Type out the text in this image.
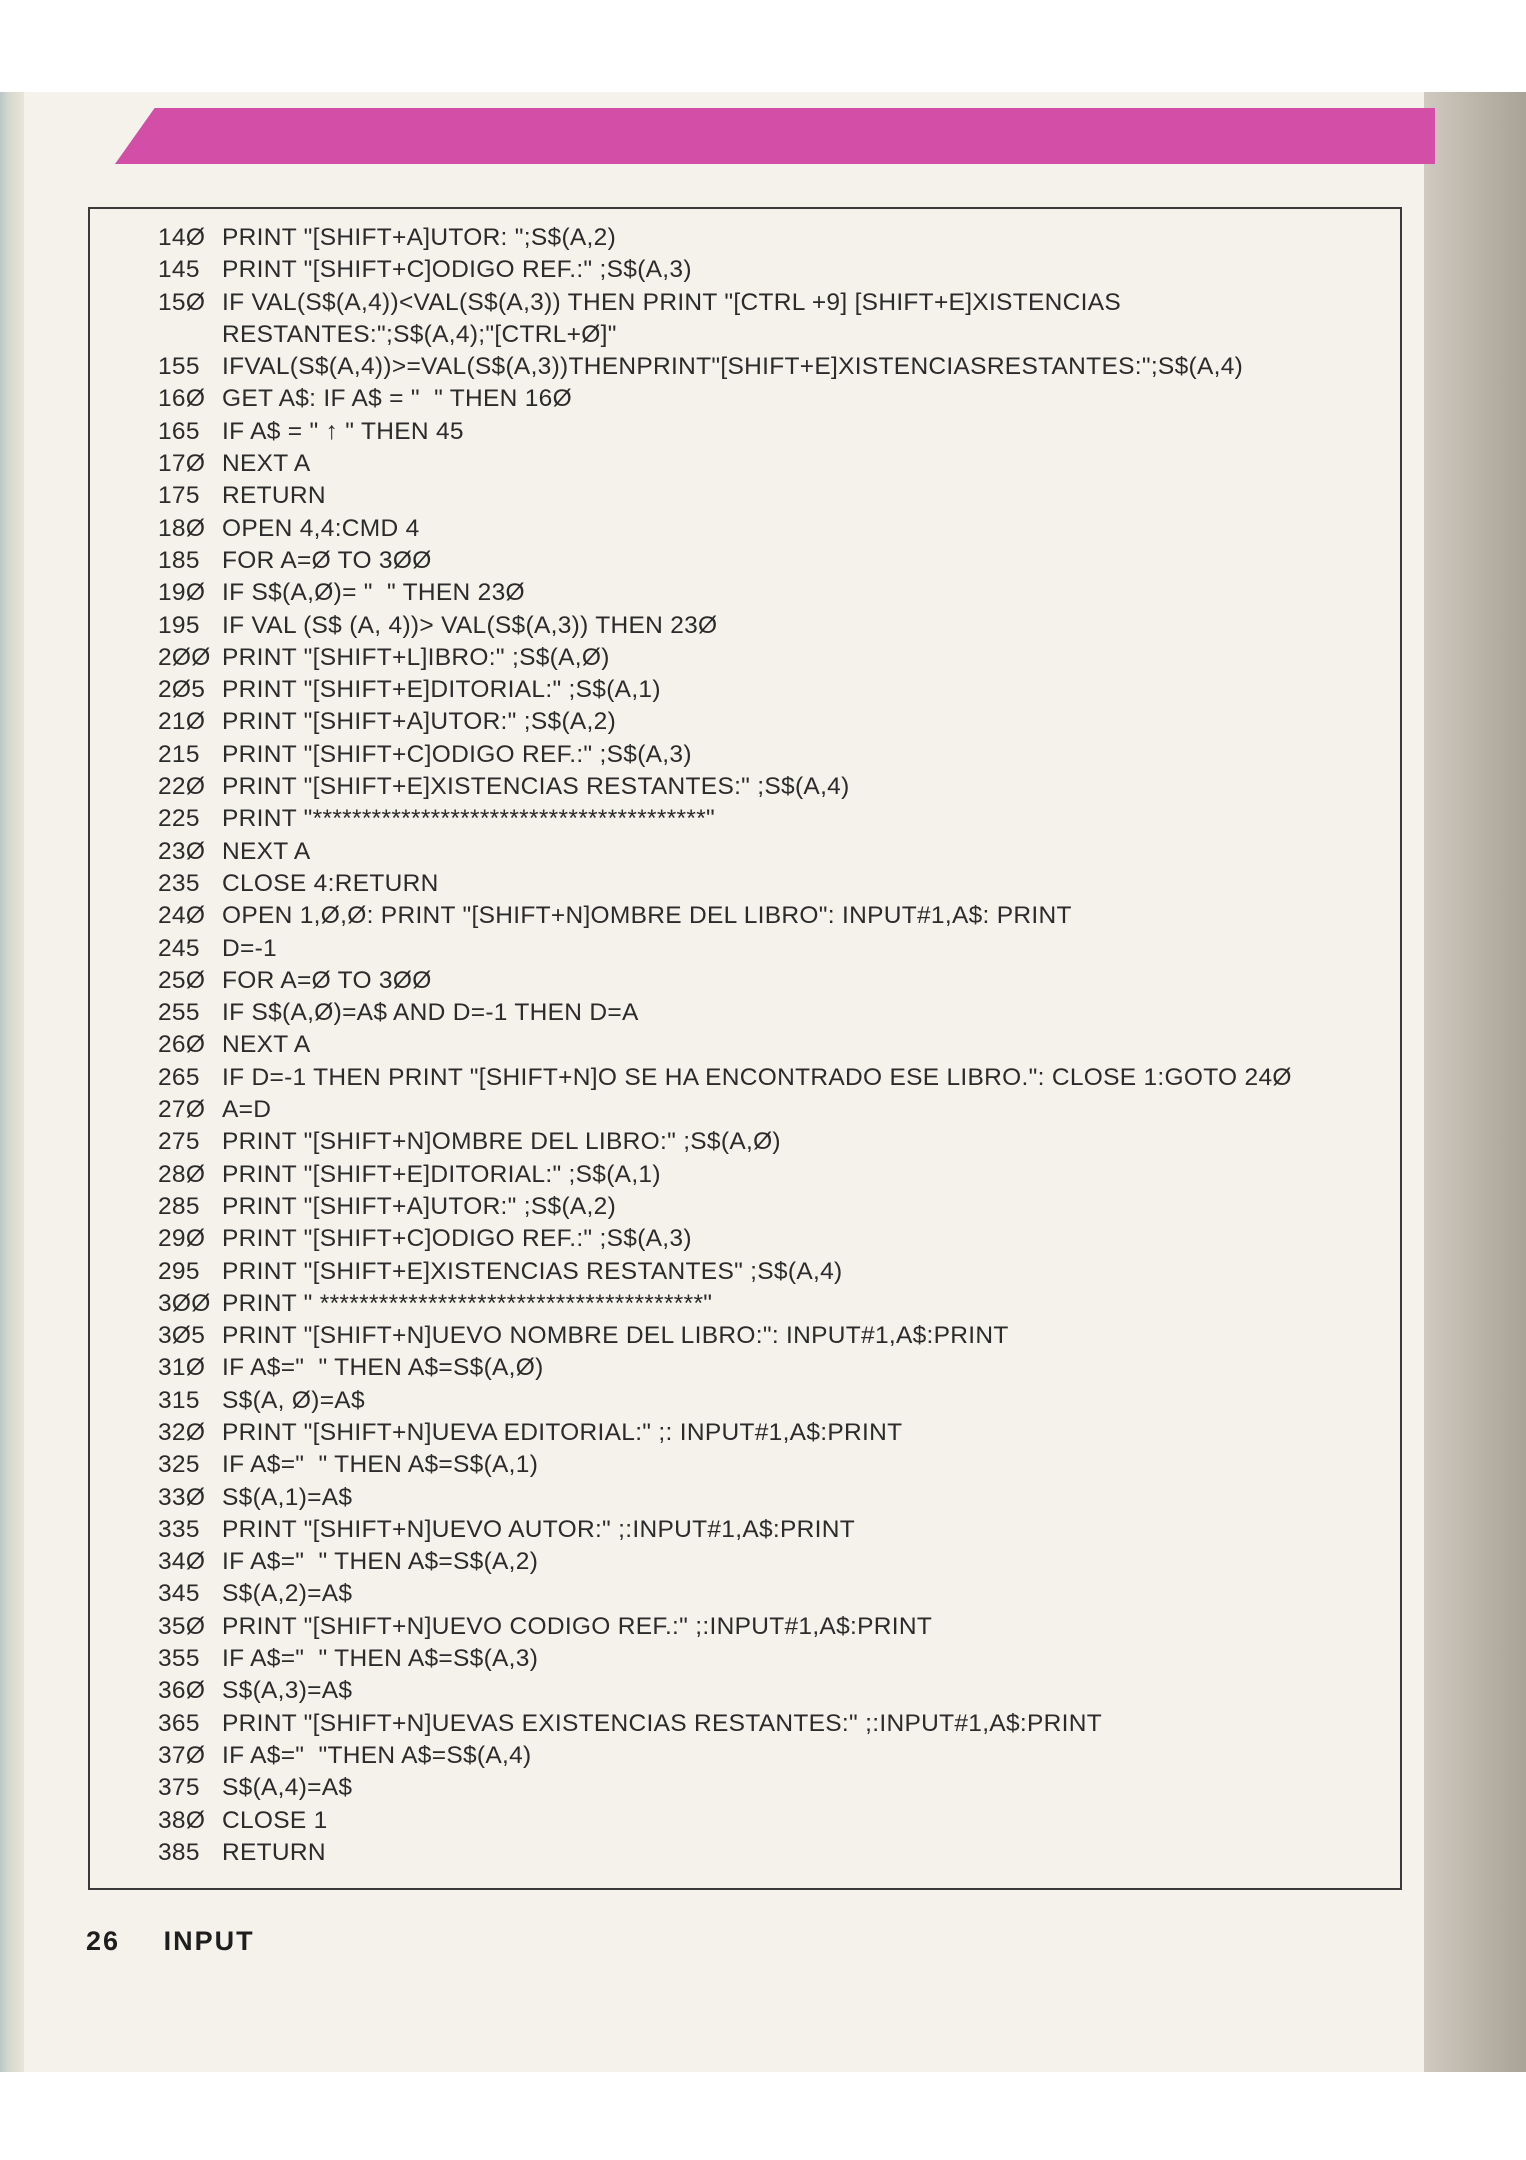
14Ø PRINT "[SHIFT+A]UTOR: ";S$(A,2)
145 PRINT "[SHIFT+C]ODIGO REF.:" ;S$(A,3)
15Ø IF VAL(S$(A,4))<VAL(S$(A,3)) THEN PRINT "[CTRL +9] [SHIFT+E]XISTENCIAS
RESTANTES:";S$(A,4);"[CTRL+Ø]"
155 IFVAL(S$(A,4))>=VAL(S$(A,3))THENPRINT"[SHIFT+E]XISTENCIASRESTANTES:";S$(A,4)
16Ø GET A$: IF A$ = "  " THEN 16Ø
165 IF A$ = " ↑ " THEN 45
17Ø NEXT A
175 RETURN
18Ø OPEN 4,4:CMD 4
185 FOR A=Ø TO 3ØØ
19Ø IF S$(A,Ø)= "  " THEN 23Ø
195 IF VAL (S$ (A, 4))> VAL(S$(A,3)) THEN 23Ø
2ØØ PRINT "[SHIFT+L]IBRO:" ;S$(A,Ø)
2Ø5 PRINT "[SHIFT+E]DITORIAL:" ;S$(A,1)
21Ø PRINT "[SHIFT+A]UTOR:" ;S$(A,2)
215 PRINT "[SHIFT+C]ODIGO REF.:" ;S$(A,3)
22Ø PRINT "[SHIFT+E]XISTENCIAS RESTANTES:" ;S$(A,4)
225 PRINT "****************************************"
23Ø NEXT A
235 CLOSE 4:RETURN
24Ø OPEN 1,Ø,Ø: PRINT "[SHIFT+N]OMBRE DEL LIBRO": INPUT#1,A$: PRINT
245 D=-1
25Ø FOR A=Ø TO 3ØØ
255 IF S$(A,Ø)=A$ AND D=-1 THEN D=A
26Ø NEXT A
265 IF D=-1 THEN PRINT "[SHIFT+N]O SE HA ENCONTRADO ESE LIBRO.": CLOSE 1:GOTO 24Ø
27Ø A=D
275 PRINT "[SHIFT+N]OMBRE DEL LIBRO:" ;S$(A,Ø)
28Ø PRINT "[SHIFT+E]DITORIAL:" ;S$(A,1)
285 PRINT "[SHIFT+A]UTOR:" ;S$(A,2)
29Ø PRINT "[SHIFT+C]ODIGO REF.:" ;S$(A,3)
295 PRINT "[SHIFT+E]XISTENCIAS RESTANTES" ;S$(A,4)
3ØØ PRINT " ***************************************"
3Ø5 PRINT "[SHIFT+N]UEVO NOMBRE DEL LIBRO:": INPUT#1,A$:PRINT
31Ø IF A$="  " THEN A$=S$(A,Ø)
315 S$(A, Ø)=A$
32Ø PRINT "[SHIFT+N]UEVA EDITORIAL:" ;: INPUT#1,A$:PRINT
325 IF A$="  " THEN A$=S$(A,1)
33Ø S$(A,1)=A$
335 PRINT "[SHIFT+N]UEVO AUTOR:" ;:INPUT#1,A$:PRINT
34Ø IF A$="  " THEN A$=S$(A,2)
345 S$(A,2)=A$
35Ø PRINT "[SHIFT+N]UEVO CODIGO REF.:" ;:INPUT#1,A$:PRINT
355 IF A$="  " THEN A$=S$(A,3)
36Ø S$(A,3)=A$
365 PRINT "[SHIFT+N]UEVAS EXISTENCIAS RESTANTES:" ;:INPUT#1,A$:PRINT
37Ø IF A$="  "THEN A$=S$(A,4)
375 S$(A,4)=A$
38Ø CLOSE 1
385 RETURN
26 INPUT
